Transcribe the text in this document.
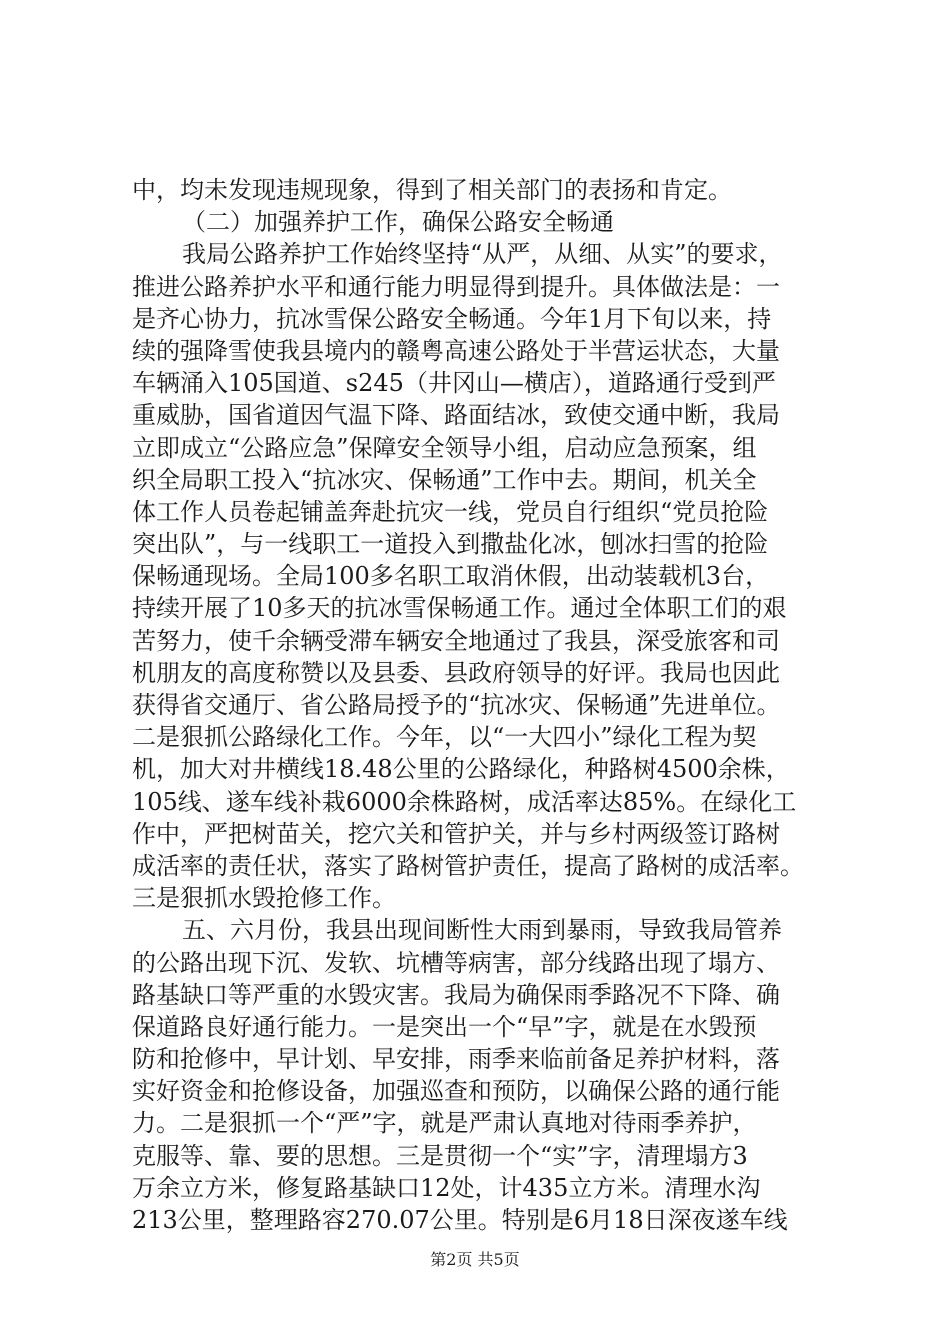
中，均未发现违规现象，得到了相关部门的表扬和肯定。
（二）加强养护工作，确保公路安全畅通
我局公路养护工作始终坚持“从严，从细、从实”的要求，
推进公路养护水平和通行能力明显得到提升。具体做法是：一
是齐心协力，抗冰雪保公路安全畅通。今年1月下旬以来，持
续的强降雪使我县境内的赣粤高速公路处于半营运状态，大量
车辆涌入105国道、s245（井冈山—横店），道路通行受到严
重威胁，国省道因气温下降、路面结冰，致使交通中断，我局
立即成立“公路应急”保障安全领导小组，启动应急预案，组
织全局职工投入“抗冰灾、保畅通”工作中去。期间，机关全
体工作人员卷起铺盖奔赴抗灾一线，党员自行组织“党员抢险
突出队”，与一线职工一道投入到撒盐化冰，刨冰扫雪的抢险
保畅通现场。全局100多名职工取消休假，出动装载机3台，
持续开展了10多天的抗冰雪保畅通工作。通过全体职工们的艰
苦努力，使千余辆受滞车辆安全地通过了我县，深受旅客和司
机朋友的高度称赞以及县委、县政府领导的好评。我局也因此
获得省交通厅、省公路局授予的“抗冰灾、保畅通”先进单位。
二是狠抓公路绿化工作。今年，以“一大四小”绿化工程为契
机，加大对井横线18.48公里的公路绿化，种路树4500余株，
105线、遂车线补栽6000余株路树，成活率达85%。在绿化工
作中，严把树苗关，挖穴关和管护关，并与乡村两级签订路树
成活率的责任状，落实了路树管护责任，提高了路树的成活率。
三是狠抓水毁抢修工作。
五、六月份，我县出现间断性大雨到暴雨，导致我局管养
的公路出现下沉、发软、坑槽等病害，部分线路出现了塌方、
路基缺口等严重的水毁灾害。我局为确保雨季路况不下降、确
保道路良好通行能力。一是突出一个“早”字，就是在水毁预
防和抢修中，早计划、早安排，雨季来临前备足养护材料，落
实好资金和抢修设备，加强巡查和预防，以确保公路的通行能
力。二是狠抓一个“严”字，就是严肃认真地对待雨季养护，
克服等、靠、要的思想。三是贯彻一个“实”字，清理塌方3
万余立方米，修复路基缺口12处，计435立方米。清理水沟
213公里，整理路容270.07公里。特别是6月18日深夜遂车线
第2页 共5页
